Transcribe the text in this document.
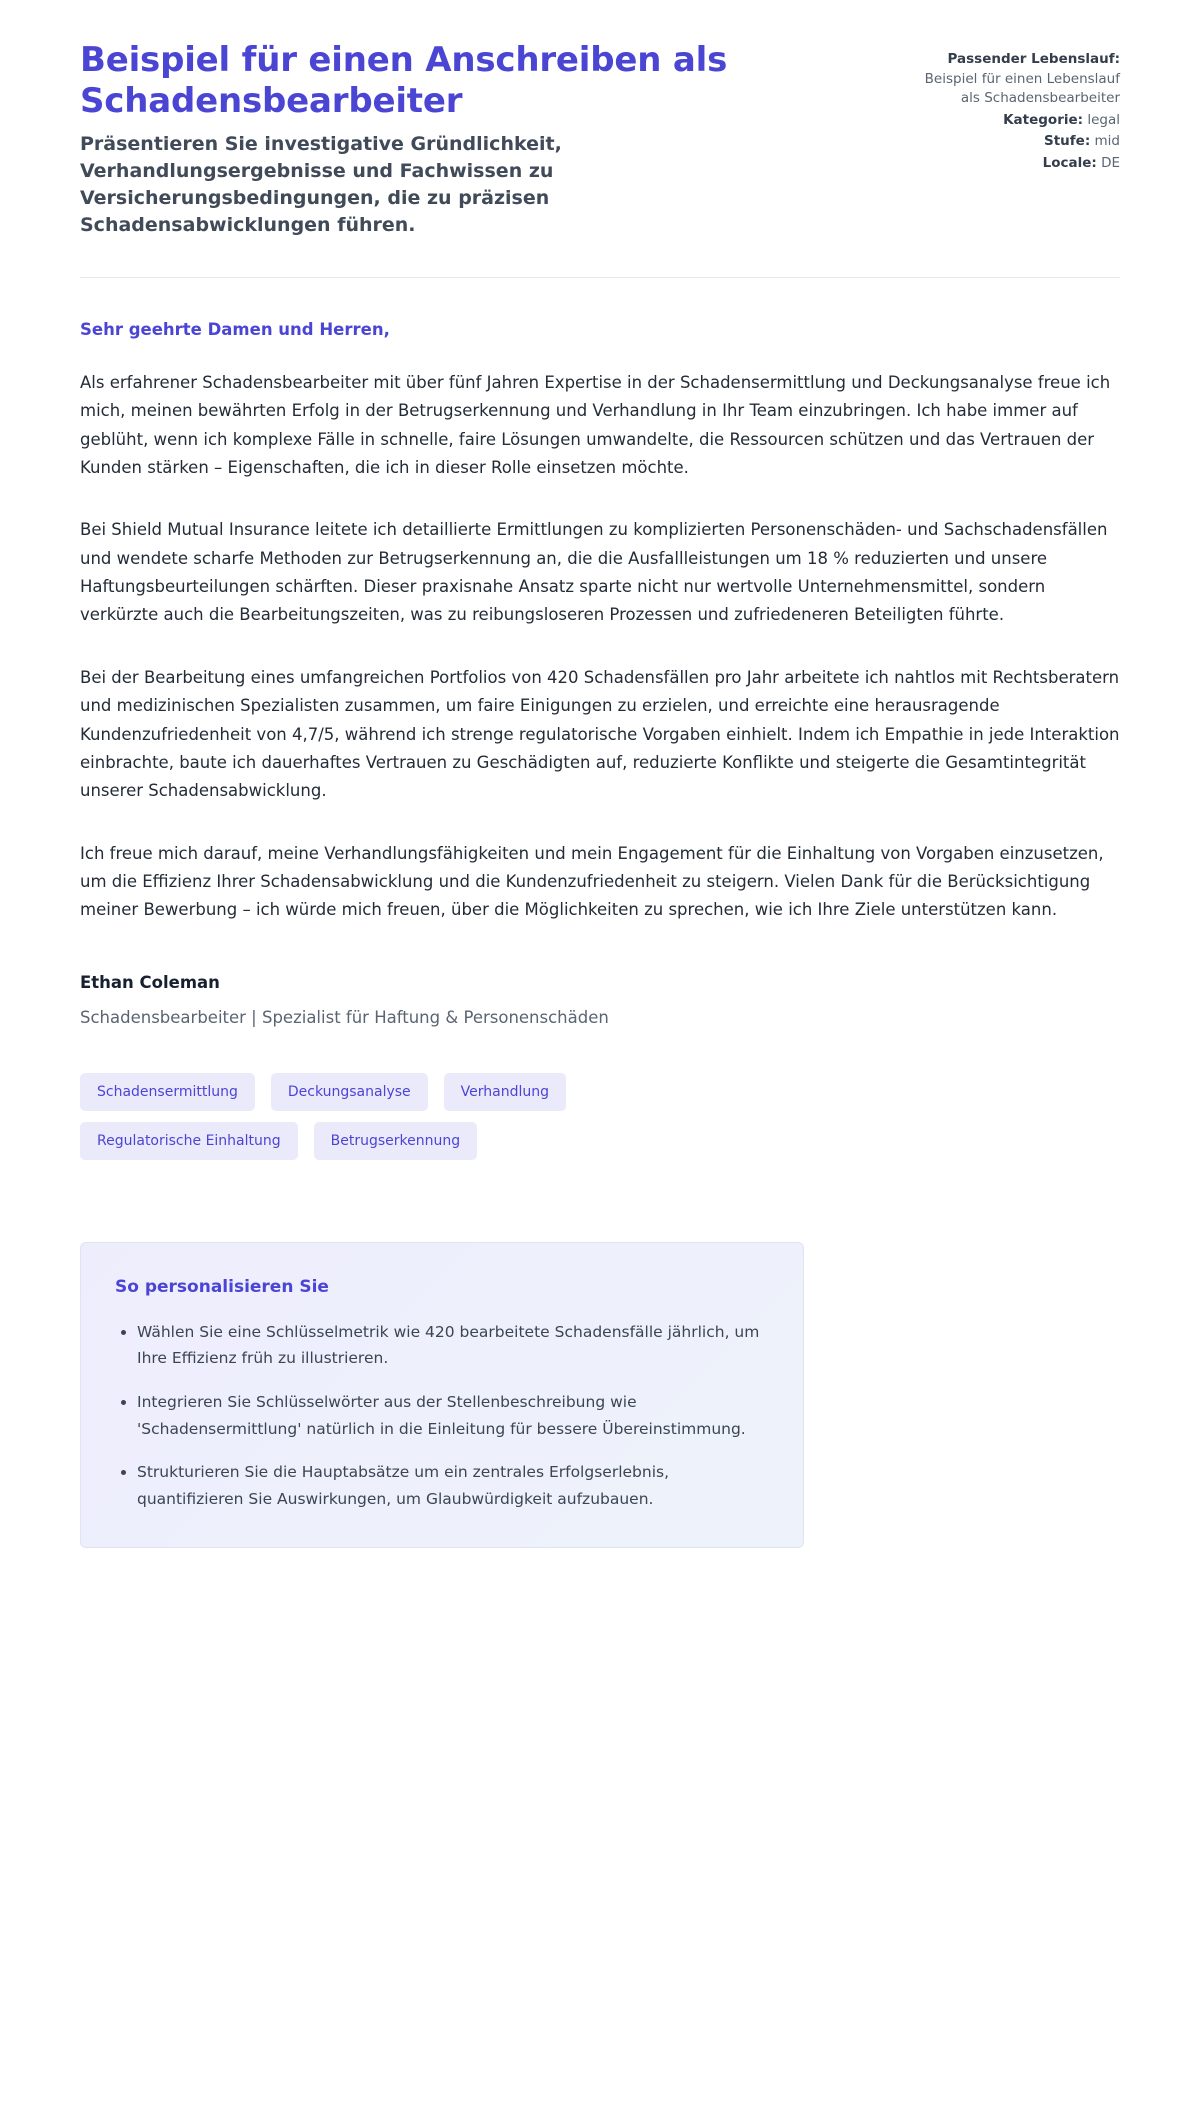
Beispiel für einen Anschreiben als Schadensbearbeiter

Präsentieren Sie investigative Gründlichkeit, Verhandlungsergebnisse und Fachwissen zu Versicherungsbedingungen, die zu präzisen Schadensabwicklungen führen.

Passender Lebenslauf: Beispiel für einen Lebenslauf als Schadensbearbeiter
Kategorie: legal
Stufe: mid
Locale: DE

Sehr geehrte Damen und Herren,

Als erfahrener Schadensbearbeiter mit über fünf Jahren Expertise in der Schadensermittlung und Deckungsanalyse freue ich mich, meinen bewährten Erfolg in der Betrugserkennung und Verhandlung in Ihr Team einzubringen. Ich habe immer auf geblüht, wenn ich komplexe Fälle in schnelle, faire Lösungen umwandelte, die Ressourcen schützen und das Vertrauen der Kunden stärken – Eigenschaften, die ich in dieser Rolle einsetzen möchte.

Bei Shield Mutual Insurance leitete ich detaillierte Ermittlungen zu komplizierten Personenschäden- und Sachschadensfällen und wendete scharfe Methoden zur Betrugserkennung an, die die Ausfallleistungen um 18 % reduzierten und unsere Haftungsbeurteilungen schärften. Dieser praxisnahe Ansatz sparte nicht nur wertvolle Unternehmensmittel, sondern verkürzte auch die Bearbeitungszeiten, was zu reibungsloseren Prozessen und zufriedeneren Beteiligten führte.

Bei der Bearbeitung eines umfangreichen Portfolios von 420 Schadensfällen pro Jahr arbeitete ich nahtlos mit Rechtsberatern und medizinischen Spezialisten zusammen, um faire Einigungen zu erzielen, und erreichte eine herausragende Kundenzufriedenheit von 4,7/5, während ich strenge regulatorische Vorgaben einhielt. Indem ich Empathie in jede Interaktion einbrachte, baute ich dauerhaftes Vertrauen zu Geschädigten auf, reduzierte Konflikte und steigerte die Gesamtintegrität unserer Schadensabwicklung.

Ich freue mich darauf, meine Verhandlungsfähigkeiten und mein Engagement für die Einhaltung von Vorgaben einzusetzen, um die Effizienz Ihrer Schadensabwicklung und die Kundenzufriedenheit zu steigern. Vielen Dank für die Berücksichtigung meiner Bewerbung – ich würde mich freuen, über die Möglichkeiten zu sprechen, wie ich Ihre Ziele unterstützen kann.

Ethan Coleman

Schadensbearbeiter | Spezialist für Haftung & Personenschäden

Schadensermittlung	Deckungsanalyse	Verhandlung
Regulatorische Einhaltung	Betrugserkennung
So personalisieren Sie
• Wählen Sie eine Schlüsselmetrik wie 420 bearbeitete Schadensfälle jährlich, um Ihre Effizienz früh zu illustrieren.
• Integrieren Sie Schlüsselwörter aus der Stellenbeschreibung wie 'Schadensermittlung' natürlich in die Einleitung für bessere Übereinstimmung.
• Strukturieren Sie die Hauptabsätze um ein zentrales Erfolgserlebnis, quantifizieren Sie Auswirkungen, um Glaubwürdigkeit aufzubauen.
